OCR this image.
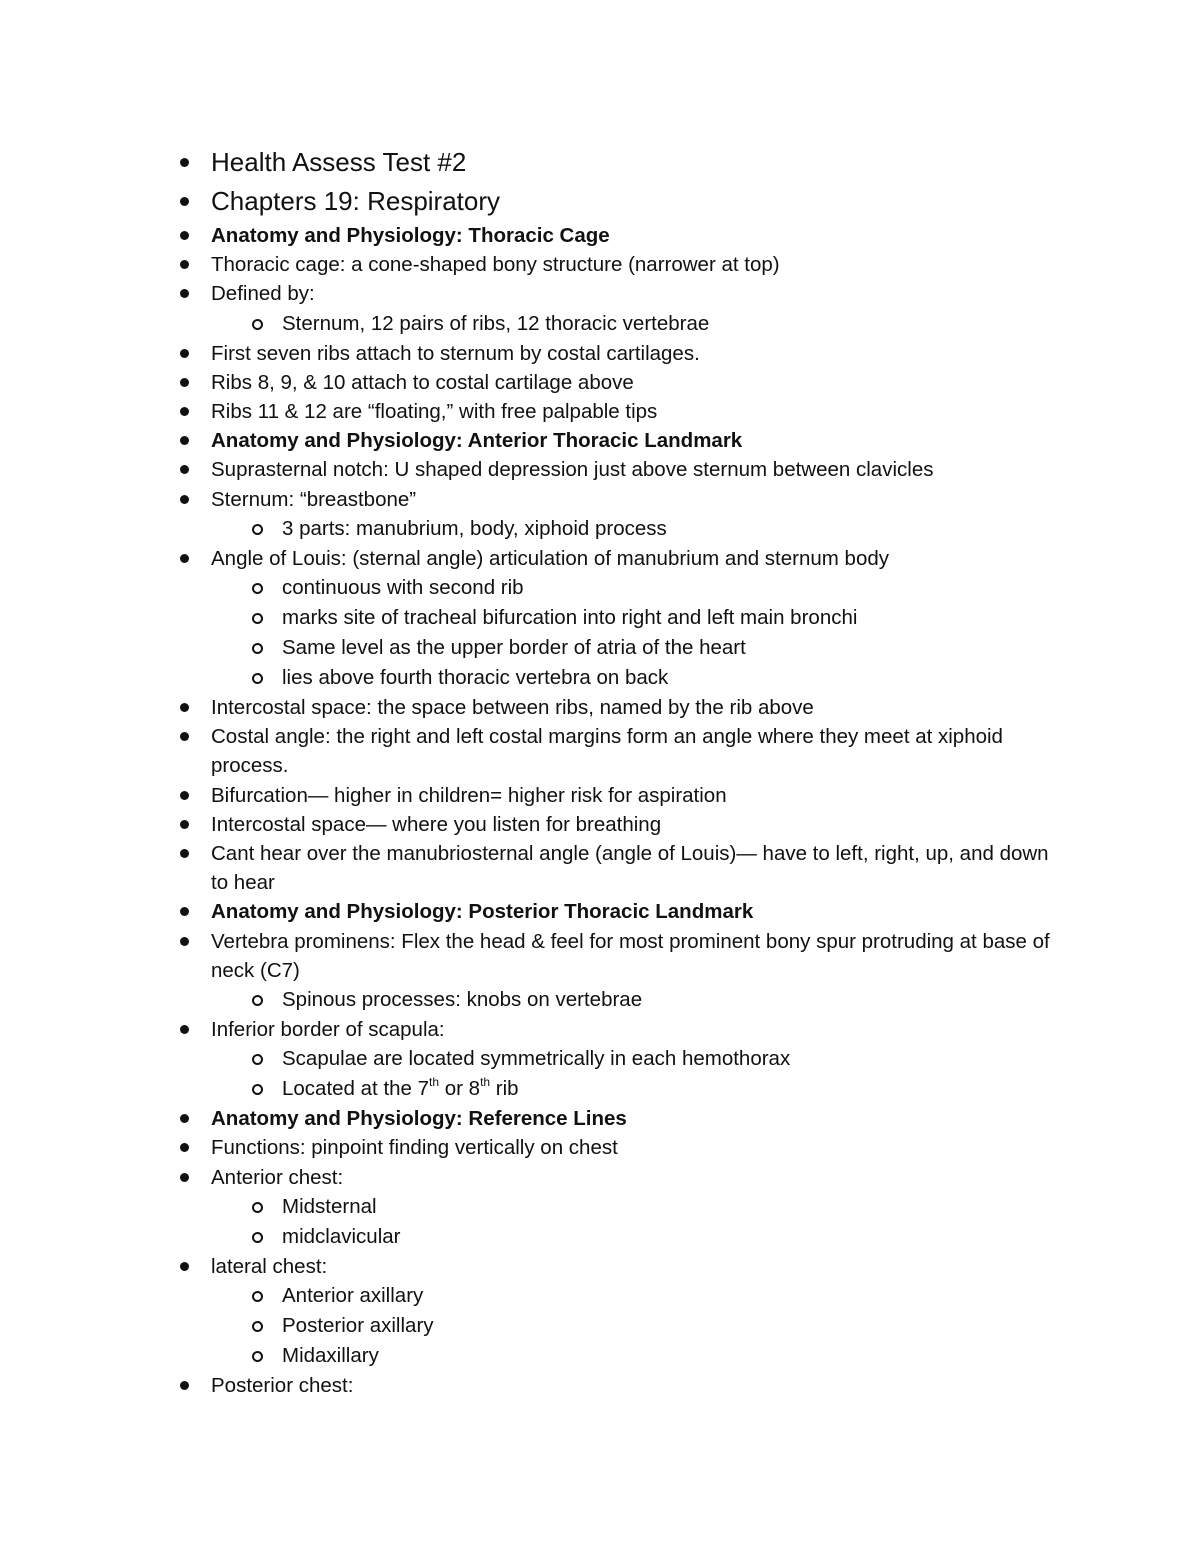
Health Assess Test #2
Chapters 19: Respiratory
Anatomy and Physiology: Thoracic Cage
Thoracic cage: a cone-shaped bony structure (narrower at top)
Defined by:
Sternum, 12 pairs of ribs, 12 thoracic vertebrae
First seven ribs attach to sternum by costal cartilages.
Ribs 8, 9, & 10 attach to costal cartilage above
Ribs 11 & 12 are “floating,” with free palpable tips
Anatomy and Physiology: Anterior Thoracic Landmark
Suprasternal notch: U shaped depression just above sternum between clavicles
Sternum: “breastbone”
3 parts: manubrium, body, xiphoid process
Angle of Louis: (sternal angle) articulation of manubrium and sternum body
continuous with second rib
marks site of tracheal bifurcation into right and left main bronchi
Same level as the upper border of atria of the heart
lies above fourth thoracic vertebra on back
Intercostal space: the space between ribs, named by the rib above
Costal angle: the right and left costal margins form an angle where they meet at xiphoid process.
Bifurcation— higher in children= higher risk for aspiration
Intercostal space— where you listen for breathing
Cant hear over the manubriosternal angle (angle of Louis)— have to left, right, up, and down to hear
Anatomy and Physiology: Posterior Thoracic Landmark
Vertebra prominens: Flex the head & feel for most prominent bony spur protruding at base of neck (C7)
Spinous processes: knobs on vertebrae
Inferior border of scapula:
Scapulae are located symmetrically in each hemothorax
Located at the 7th or 8th rib
Anatomy and Physiology: Reference Lines
Functions: pinpoint finding vertically on chest
Anterior chest:
Midsternal
midclavicular
lateral chest:
Anterior axillary
Posterior axillary
Midaxillary
Posterior chest:
